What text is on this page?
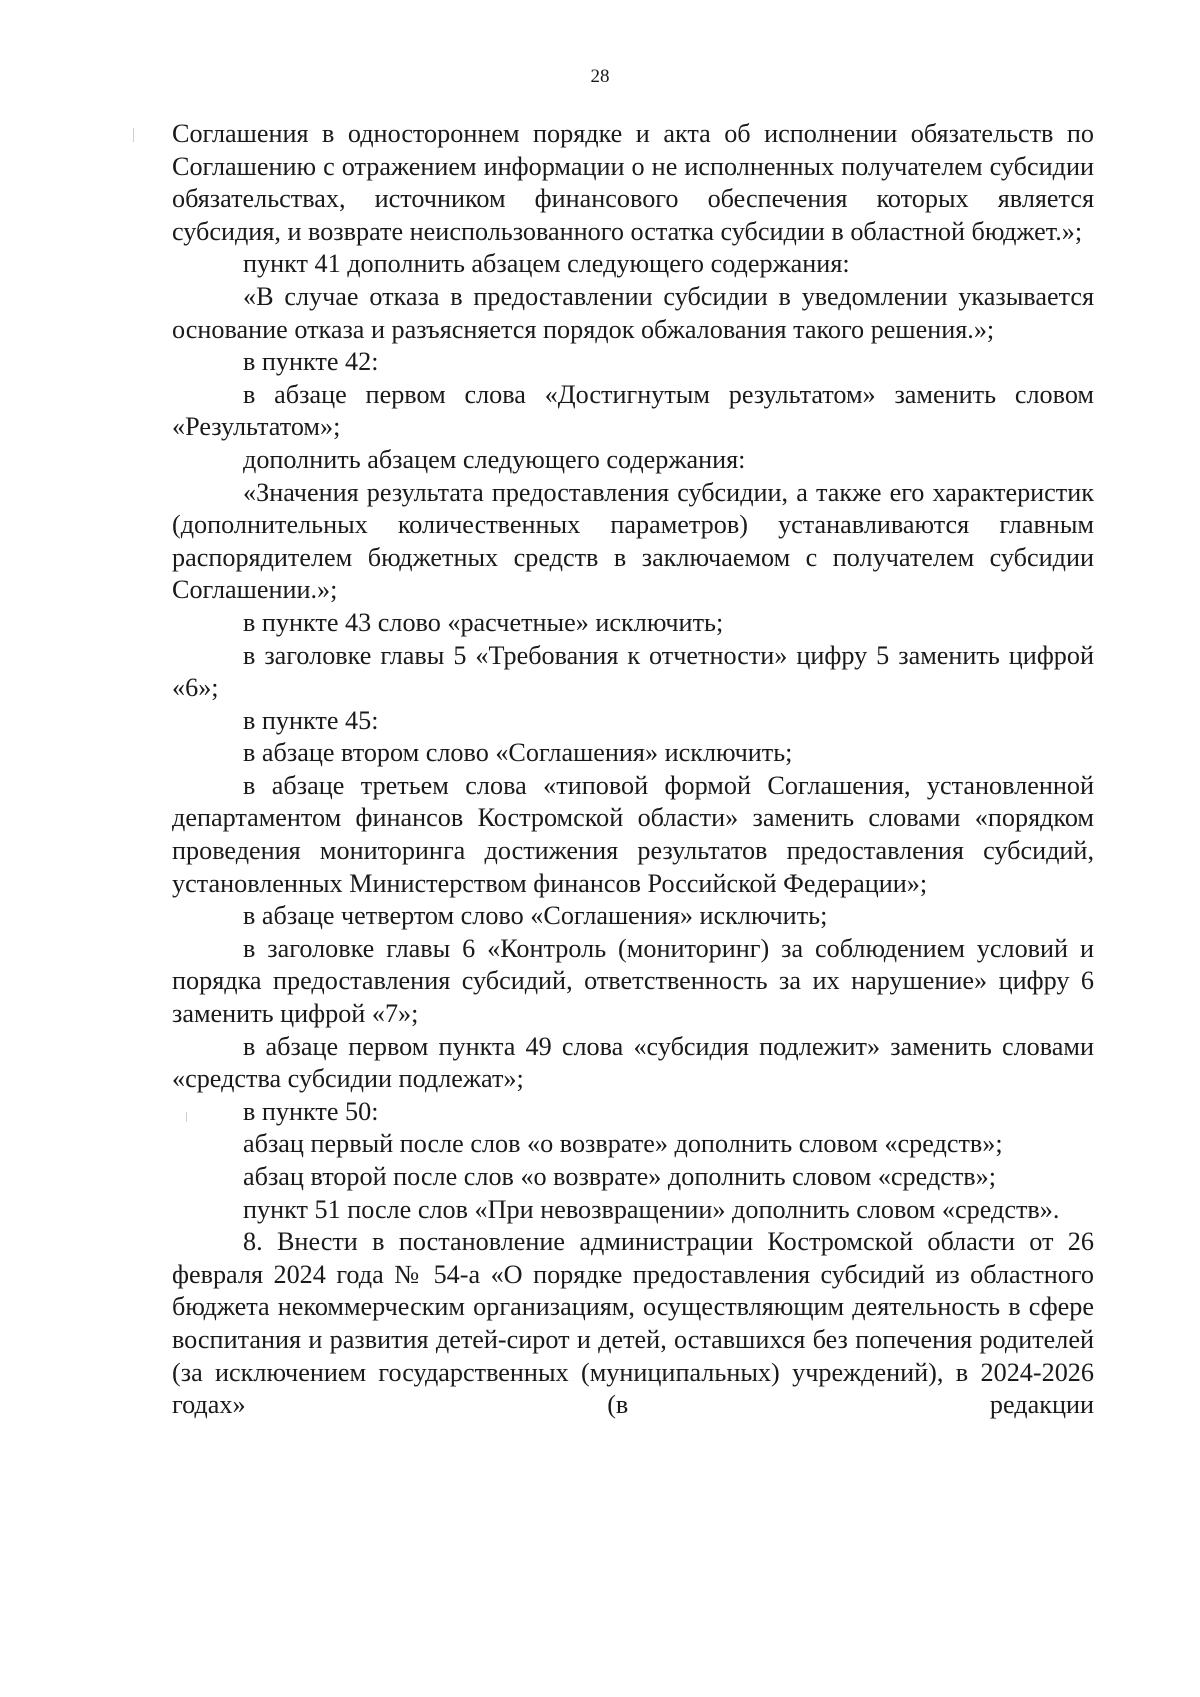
28

Соглашения в одностороннем порядке и акта об исполнении обязательств по Соглашению с отражением информации о не исполненных получателем субсидии обязательствах, источником финансового обеспечения которых является субсидия, и возврате неиспользованного остатка субсидии в областной бюджет.»;

пункт 41 дополнить абзацем следующего содержания:

«В случае отказа в предоставлении субсидии в уведомлении указывается основание отказа и разъясняется порядок обжалования такого решения.»;

в пункте 42:

в абзаце первом слова «Достигнутым результатом» заменить словом «Результатом»;

дополнить абзацем следующего содержания:

«Значения результата предоставления субсидии, а также его характеристик (дополнительных количественных параметров) устанавливаются главным распорядителем бюджетных средств в заключаемом с получателем субсидии Соглашении.»;

в пункте 43 слово «расчетные» исключить;

в заголовке главы 5 «Требования к отчетности» цифру 5 заменить цифрой «6»;

в пункте 45:

в абзаце втором слово «Соглашения» исключить;

в абзаце третьем слова «типовой формой Соглашения, установленной департаментом финансов Костромской области» заменить словами «порядком проведения мониторинга достижения результатов предоставления субсидий, установленных Министерством финансов Российской Федерации»;

в абзаце четвертом слово «Соглашения» исключить;

в заголовке главы 6 «Контроль (мониторинг) за соблюдением условий и порядка предоставления субсидий, ответственность за их нарушение» цифру 6 заменить цифрой «7»;

в абзаце первом пункта 49 слова «субсидия подлежит» заменить словами «средства субсидии подлежат»;

в пункте 50:

абзац первый после слов «о возврате» дополнить словом «средств»;

абзац второй после слов «о возврате» дополнить словом «средств»;

пункт 51 после слов «При невозвращении» дополнить словом «средств».

8. Внести в постановление администрации Костромской области от 26 февраля 2024 года № 54-а «О порядке предоставления субсидий из областного бюджета некоммерческим организациям, осуществляющим деятельность в сфере воспитания и развития детей-сирот и детей, оставшихся без попечения родителей (за исключением государственных (муниципальных) учреждений), в 2024-2026 годах» (в редакции
